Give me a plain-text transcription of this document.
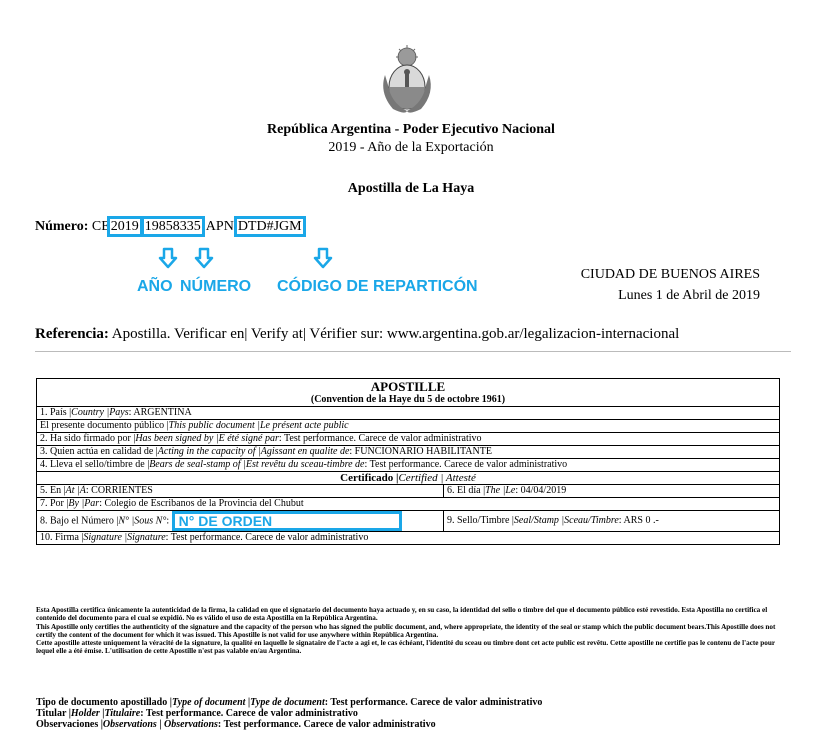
República Argentina - Poder Ejecutivo Nacional
2019 - Año de la Exportación
Apostilla de La Haya
Número: CE2019 19858335 APN DTD#JGM
AÑO NÚMERO CÓDIGO DE REPARTICÓN
CIUDAD DE BUENOS AIRES
Lunes 1 de Abril de 2019
Referencia: Apostilla. Verificar en| Verify at| Vérifier sur: www.argentina.gob.ar/legalizacion-internacional
APOSTILLE
(Convention de la Haye du 5 de octobre 1961)	

1. País |Country |Pays: ARGENTINA	
El presente documento público |This public document |Le présent acte public	
2. Ha sido firmado por |Has been signed by |E été signé par: Test performance. Carece de valor administrativo	
3. Quien actúa en calidad de |Acting in the capacity of |Agissant en qualite de: FUNCIONARIO HABILITANTE	
4. Lleva el sello/timbre de |Bears de seal-stamp of |Est revêtu du sceau-timbre de: Test performance. Carece de valor administrativo	
Certificado |Certified | Attesté	
5. En |At |À: CORRIENTES	6. El día |The |Le: 04/04/2019
7. Por |By |Par: Colegio de Escribanos de la Provincia del Chubut	
8. Bajo el Número |N° |Sous N°: N° DE ORDEN	9. Sello/Timbre |Seal/Stamp |Sceau/Timbre: ARS 0 .-
10. Firma |Signature |Signature: Test performance. Carece de valor administrativo	
Esta Apostilla certifica únicamente la autenticidad de la firma, la calidad en que el signatario del documento haya actuado y, en su caso, la identidad del sello o timbre del que el documento público esté revestido. Esta Apostilla no certifica el contenido del documento para el cual se expidió. No es válido el uso de esta Apostilla en la República Argentina.
This Apostille only certifies the authenticity of the signature and the capacity of the person who has signed the public document, and, where appropriate, the identity of the seal or stamp which the public document bears.This Apostille does not certify the content of the document for which it was issued. This Apostille is not valid for use anywhere within República Argentina.
Cette apostille atteste uniquement la véracité de la signature, la qualité en laquelle le signataire de l'acte a agi et, le cas échéant, l'identité du sceau ou timbre dont cet acte public est revêtu. Cette apostille ne certifie pas le contenu de l'acte pour lequel elle a été émise. L'utilisation de cette Apostille n'est pas valable en/au Argentina.
Tipo de documento apostillado |Type of document |Type de document: Test performance. Carece de valor administrativo
Titular |Holder |Titulaire: Test performance. Carece de valor administrativo
Observaciones |Observations | Observations: Test performance. Carece de valor administrativo
